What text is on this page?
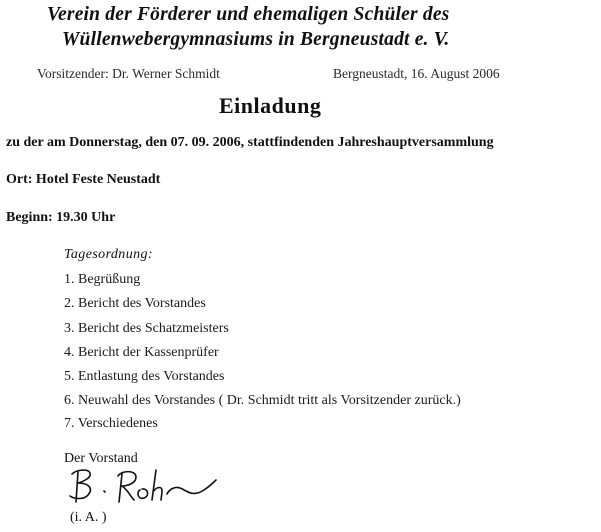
Verein der Förderer und ehemaligen Schüler des
Wüllenwebergymnasiums in Bergneustadt e. V.
Vorsitzender: Dr. Werner Schmidt	Bergneustadt, 16. August 2006
Einladung
zu der am Donnerstag, den 07. 09. 2006, stattfindenden Jahreshauptversammlung
Ort: Hotel Feste Neustadt
Beginn: 19.30 Uhr
Tagesordnung:
1. Begrüßung
2. Bericht des Vorstandes
3. Bericht des Schatzmeisters
4. Bericht der Kassenprüfer
5. Entlastung des Vorstandes
6. Neuwahl des Vorstandes ( Dr. Schmidt tritt als Vorsitzender zurück.)
7. Verschiedenes
Der Vorstand
(i. A. )
